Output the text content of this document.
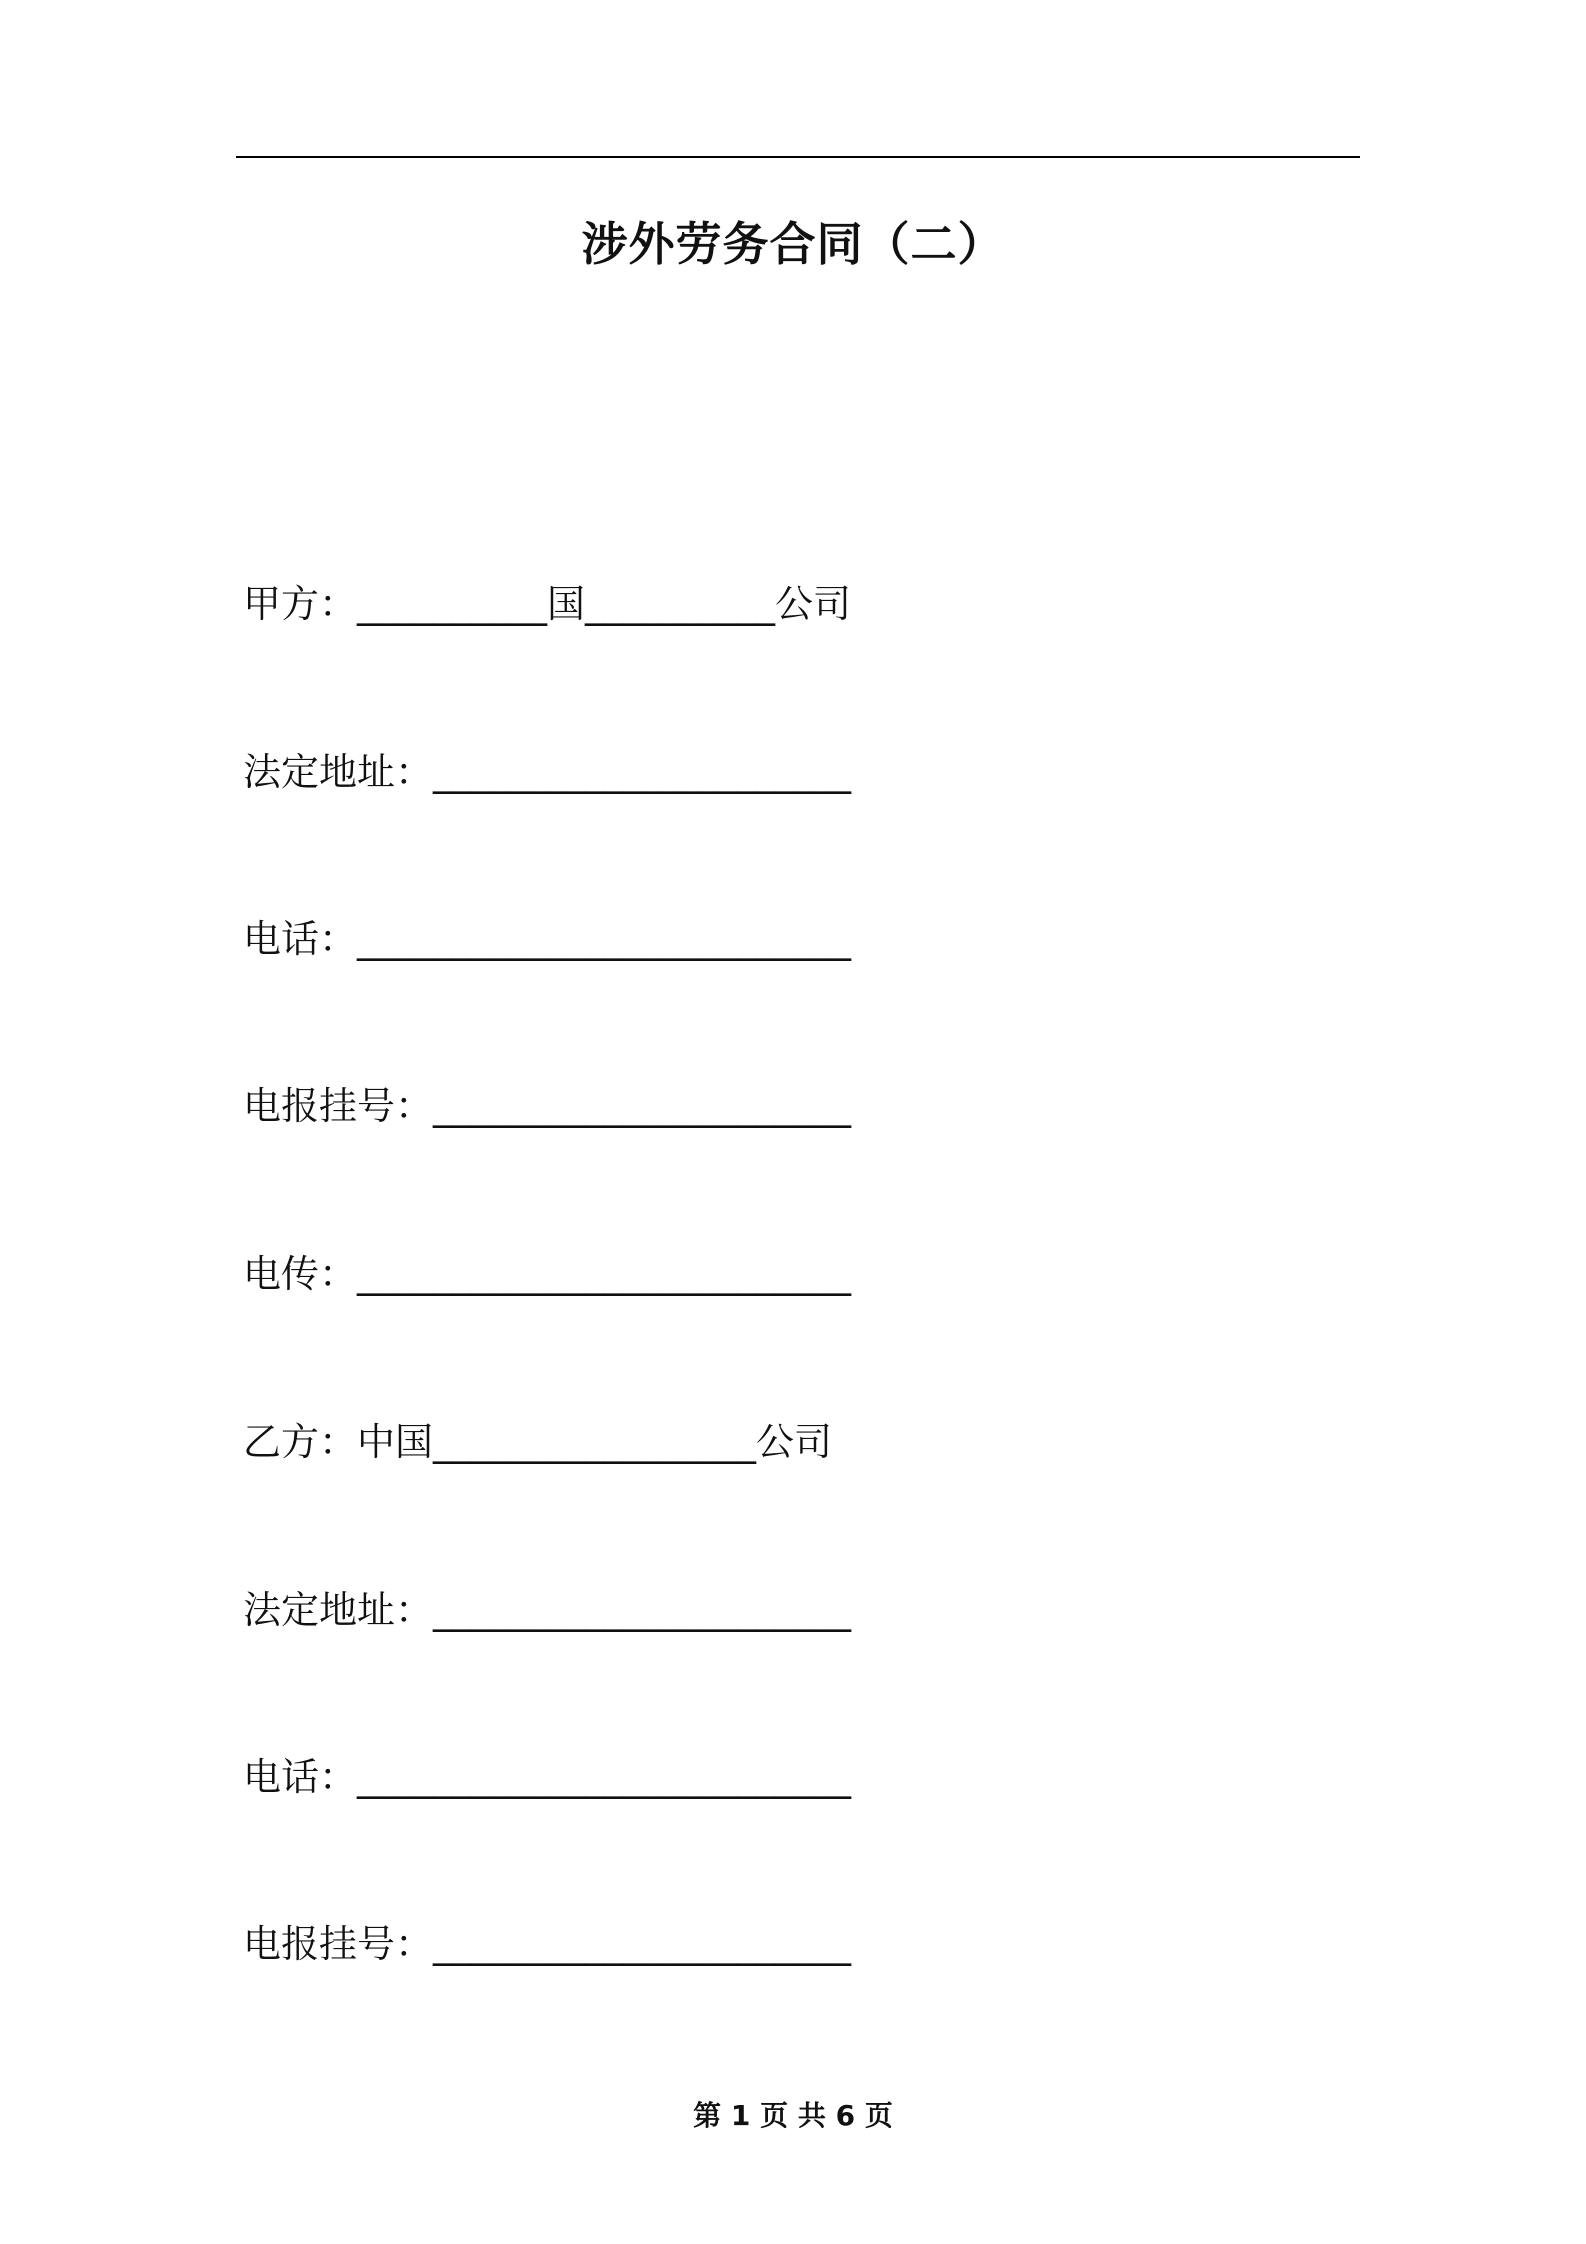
涉外劳务合同（二）
甲方：__________国__________公司
法定地址：______________________
电话：__________________________
电报挂号：______________________
电传：__________________________
乙方：中国_________________公司
法定地址：______________________
电话：__________________________
电报挂号：______________________
第 1 页 共 6 页
